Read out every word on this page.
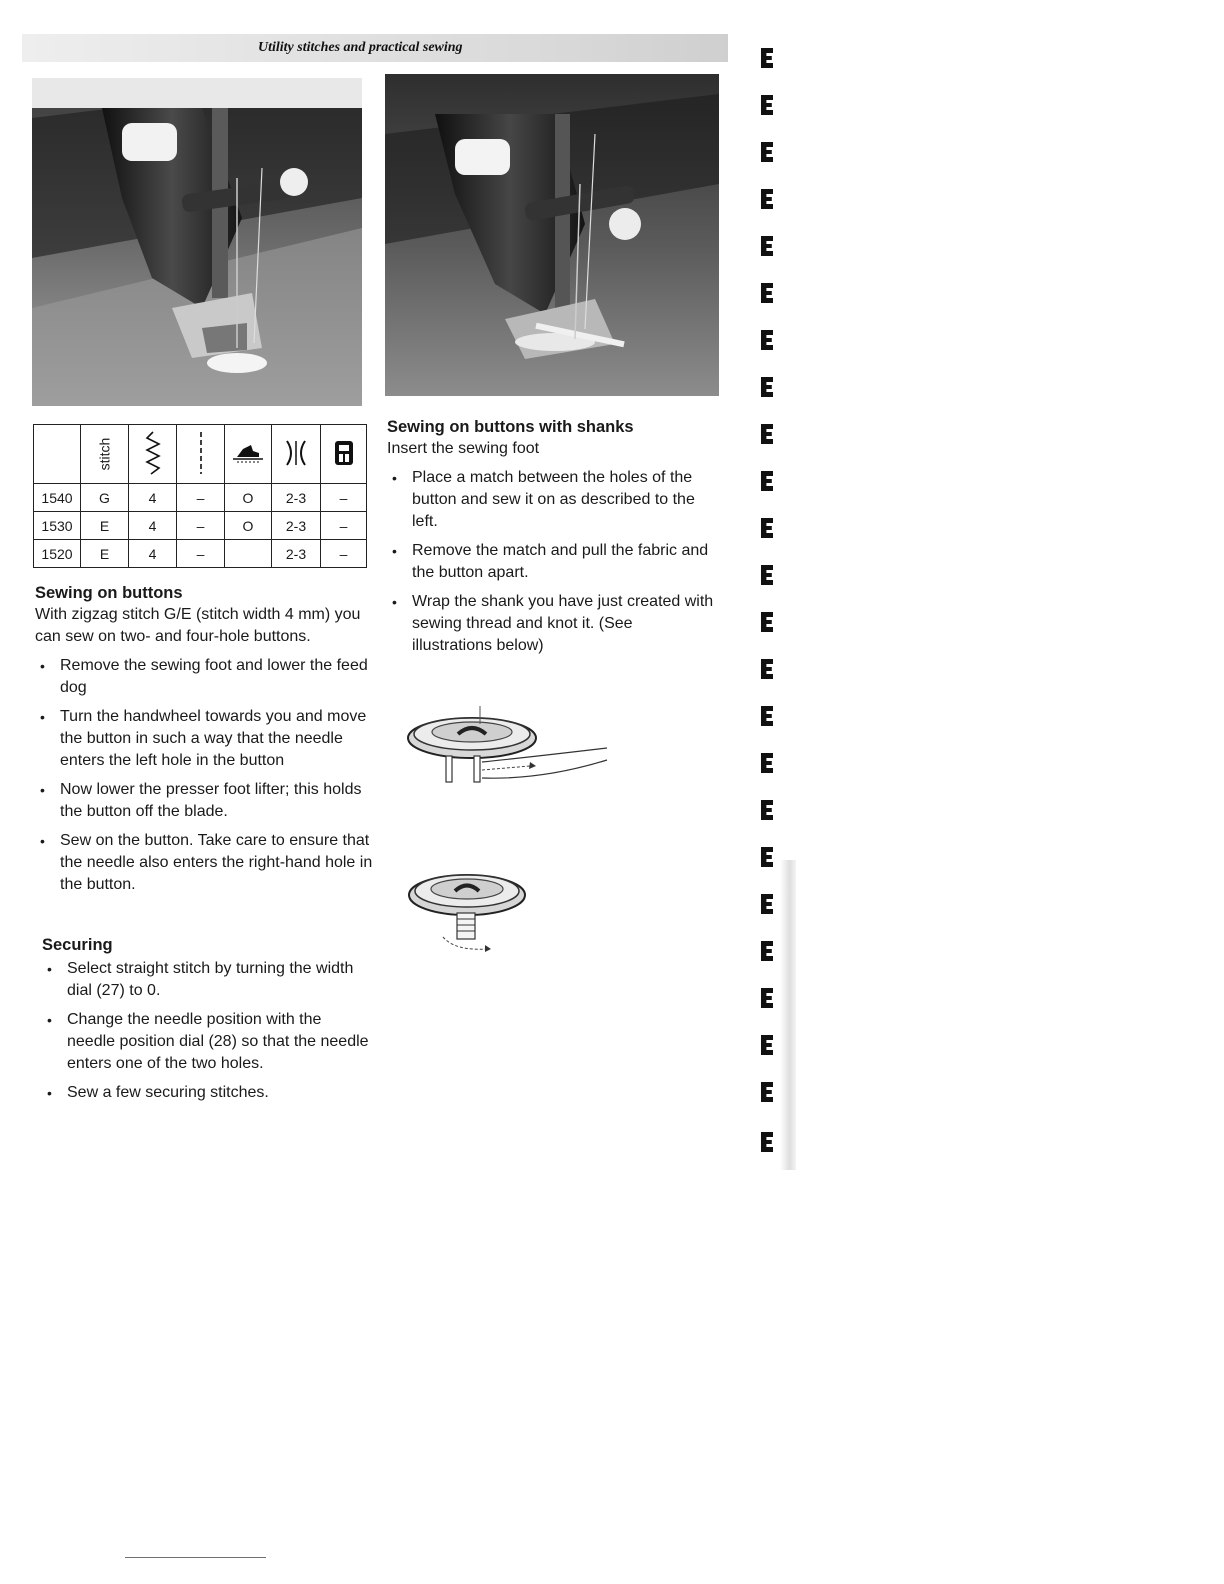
Utility stitches and practical sewing
	stitch					
1540	G	4	–	O	2-3	–
1530	E	4	–	O	2-3	–
1520	E	4	–		2-3	–
Sewing on buttons

With zigzag stitch G/E (stitch width 4 mm) you can sew on two- and four-hole buttons.

• Remove the sewing foot and lower the feed dog
• Turn the handwheel towards you and move the button in such a way that the needle enters the left hole in the button
• Now lower the presser foot lifter; this holds the button off the blade.
• Sew on the button. Take care to ensure that the needle also enters the right-hand hole in the button.
Securing
• Select straight stitch by turning the width dial (27) to 0.
• Change the needle position with the needle position dial (28) so that the needle enters one of the two holes.
• Sew a few securing stitches.
Sewing on buttons with shanks

Insert the sewing foot

• Place a match between the holes of the button and sew it on as described to the left.
• Remove the match and pull the fabric and the button apart.
• Wrap the shank you have just created with sewing thread and knot it. (See illustrations below)
